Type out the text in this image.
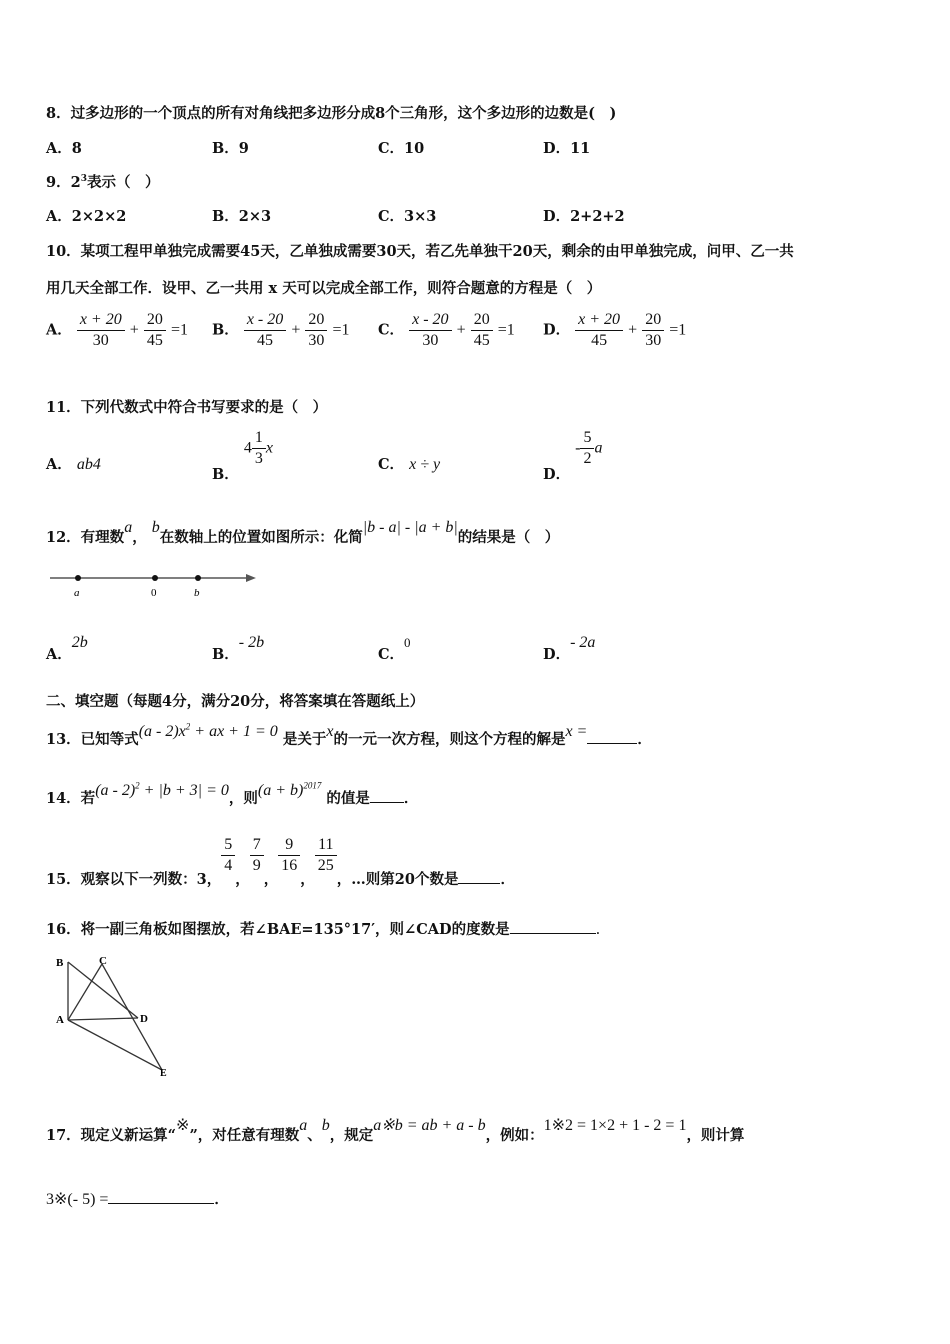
8．过多边形的一个顶点的所有对角线把多边形分成8个三角形，这个多边形的边数是(　)
A．8	B．9	C．10	D．11
9．$2^3$表示（　）
A．2×2×2	B．2×3	C．3×3	D．2+2+2
10．某项工程甲单独完成需要45天，乙单独成需要30天，若乙先单独干20天，剩余的由甲单独完成，问甲、乙一共
用几天全部工作．设甲、乙一共用 x 天可以完成全部工作，则符合题意的方程是（　）
A． $\frac{x + 20}{30} + \frac{20}{45} =1$ B． $\frac{x - 20}{45} + \frac{20}{30} =1$ C． $\frac{x - 20}{30} + \frac{20}{45} =1$ D． $\frac{x + 20}{45} + \frac{20}{30} =1$
11．下列代数式中符合书写要求的是（　）
A． ab4
B． $4 \frac{1}{3}$ x
C． x ÷ y
D． - $\frac{5}{2}$ a
12．有理数a， b在数轴上的位置如图所示：化简|b - a| - |a + b|的结果是（　）
a	0	b
A．2b
B．- 2b
C．0
D．- 2a
二、填空题（每题4分，满分20分，将答案填在答题纸上）
13．已知等式$(a - 2)x^2$ + ax + 1 = 0 是关于x的一元一次方程，则这个方程的解是x =	．
14．若(a - 2)$^2$ + |b + 3| = 0，则$(a + b)^{2017}$ 的值是 ．
15．观察以下一列数：3，
$\frac{5}{4}$
，
$\frac{7}{9}$
，
$\frac{9}{16}$
，
$\frac{11}{25}$
，…则第20个数是	．
16．将一副三角板如图摆放，若∠BAE=135°17′，则∠CAD的度数是	.
B	C
A	D
E
17．现定义新运算“※”，对任意有理数a、b，规定a※b = ab + a - b，例如：1※2 = 1×2 + 1 - 2 = 1，则计算
3※(- 5) =	．
